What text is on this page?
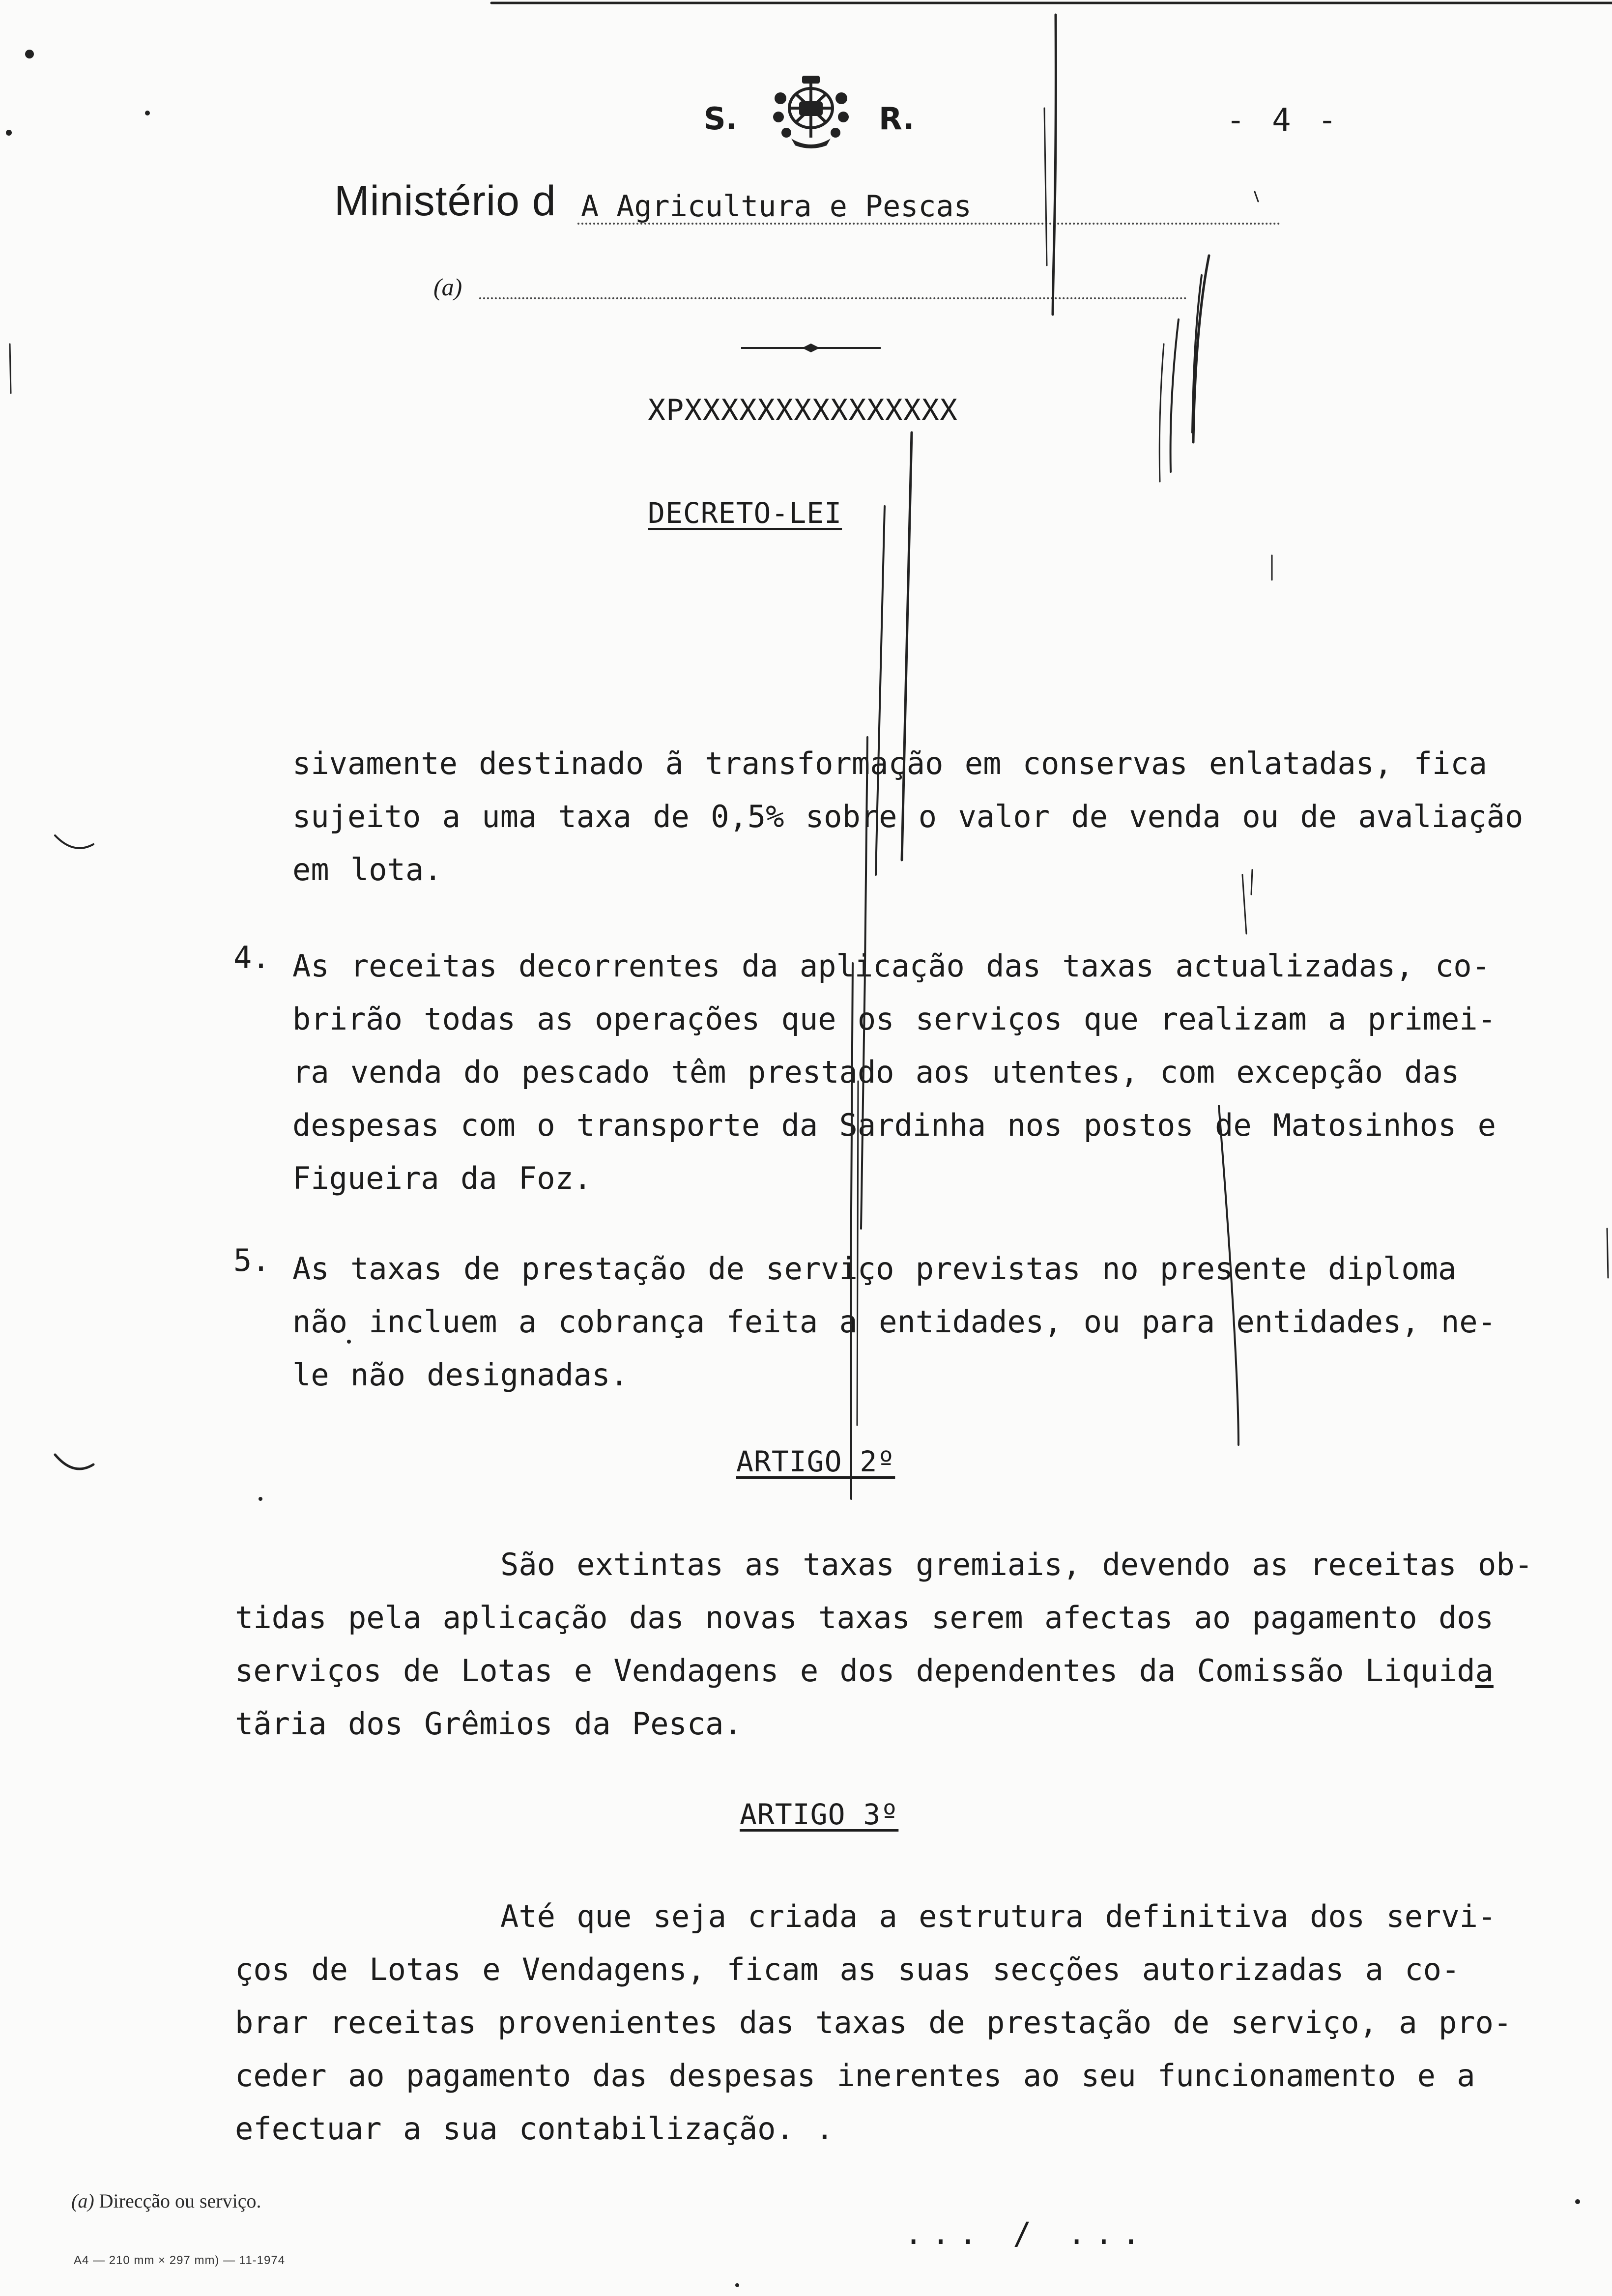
S.	R.	- 4 -
Ministério d A Agricultura e Pescas
(a)
XPXXXXXXXXXXXXXXX
DECRETO-LEI
sivamente destinado ã transformação em conservas enlatadas, fica
sujeito a uma taxa de 0,5% sobre o valor de venda ou de avaliação
em lota.
4. As receitas decorrentes da aplicação das taxas actualizadas, co-
brirão todas as operações que os serviços que realizam a primei-
ra venda do pescado têm prestado aos utentes, com excepção das
despesas com o transporte da Sardinha nos postos de Matosinhos e
Figueira da Foz.
5. As taxas de prestação de serviço previstas no presente diploma
não incluem a cobrança feita a entidades, ou para entidades, ne-
le não designadas.
ARTIGO 2º
São extintas as taxas gremiais, devendo as receitas ob-
tidas pela aplicação das novas taxas serem afectas ao pagamento dos
serviços de Lotas e Vendagens e dos dependentes da Comissão Liquida
tãria dos Grêmios da Pesca.
ARTIGO 3º
Até que seja criada a estrutura definitiva dos servi-
ços de Lotas e Vendagens, ficam as suas secções autorizadas a co-
brar receitas provenientes das taxas de prestação de serviço, a pro-
ceder ao pagamento das despesas inerentes ao seu funcionamento e a
efectuar a sua contabilização. .
(a) Direcção ou serviço.
A4 — 210 mm × 297 mm) — 11-1974
... / ...
